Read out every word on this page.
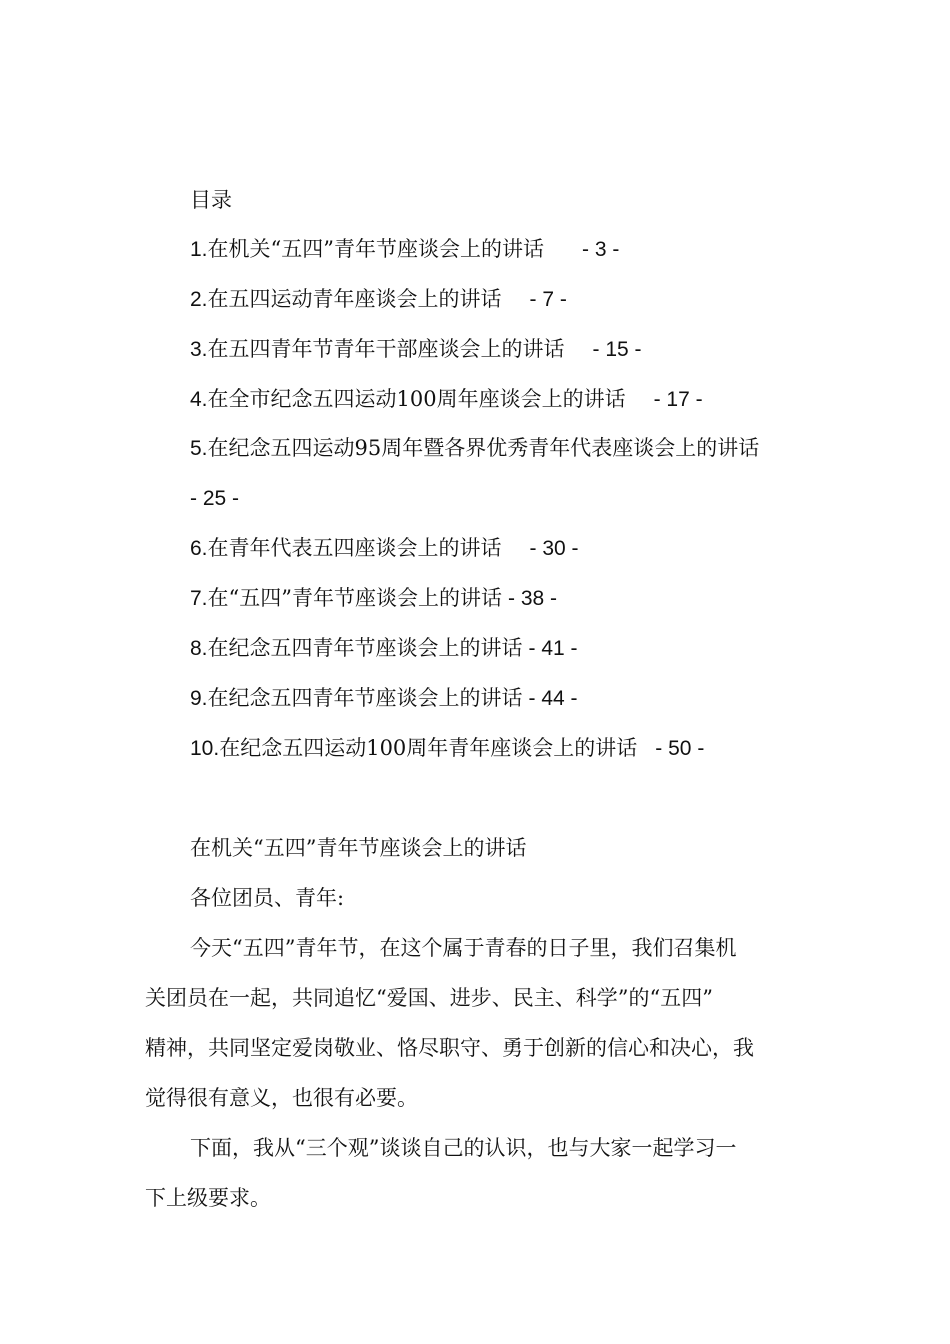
目录
1.在机关“五四”青年节座谈会上的讲话 - 3 -
2.在五四运动青年座谈会上的讲话 - 7 -
3.在五四青年节青年干部座谈会上的讲话 - 15 -
4.在全市纪念五四运动100周年座谈会上的讲话 - 17 -
5.在纪念五四运动95周年暨各界优秀青年代表座谈会上的讲话
- 25 -
6.在青年代表五四座谈会上的讲话 - 30 -
7.在“五四”青年节座谈会上的讲话 - 38 -
8.在纪念五四青年节座谈会上的讲话 - 41 -
9.在纪念五四青年节座谈会上的讲话 - 44 -
10.在纪念五四运动100周年青年座谈会上的讲话 - 50 -
在机关“五四”青年节座谈会上的讲话
各位团员、青年:
今天“五四”青年节，在这个属于青春的日子里，我们召集机
关团员在一起，共同追忆“爱国、进步、民主、科学”的“五四”
精神，共同坚定爱岗敬业、恪尽职守、勇于创新的信心和决心，我
觉得很有意义，也很有必要。
下面，我从“三个观”谈谈自己的认识，也与大家一起学习一
下上级要求。
